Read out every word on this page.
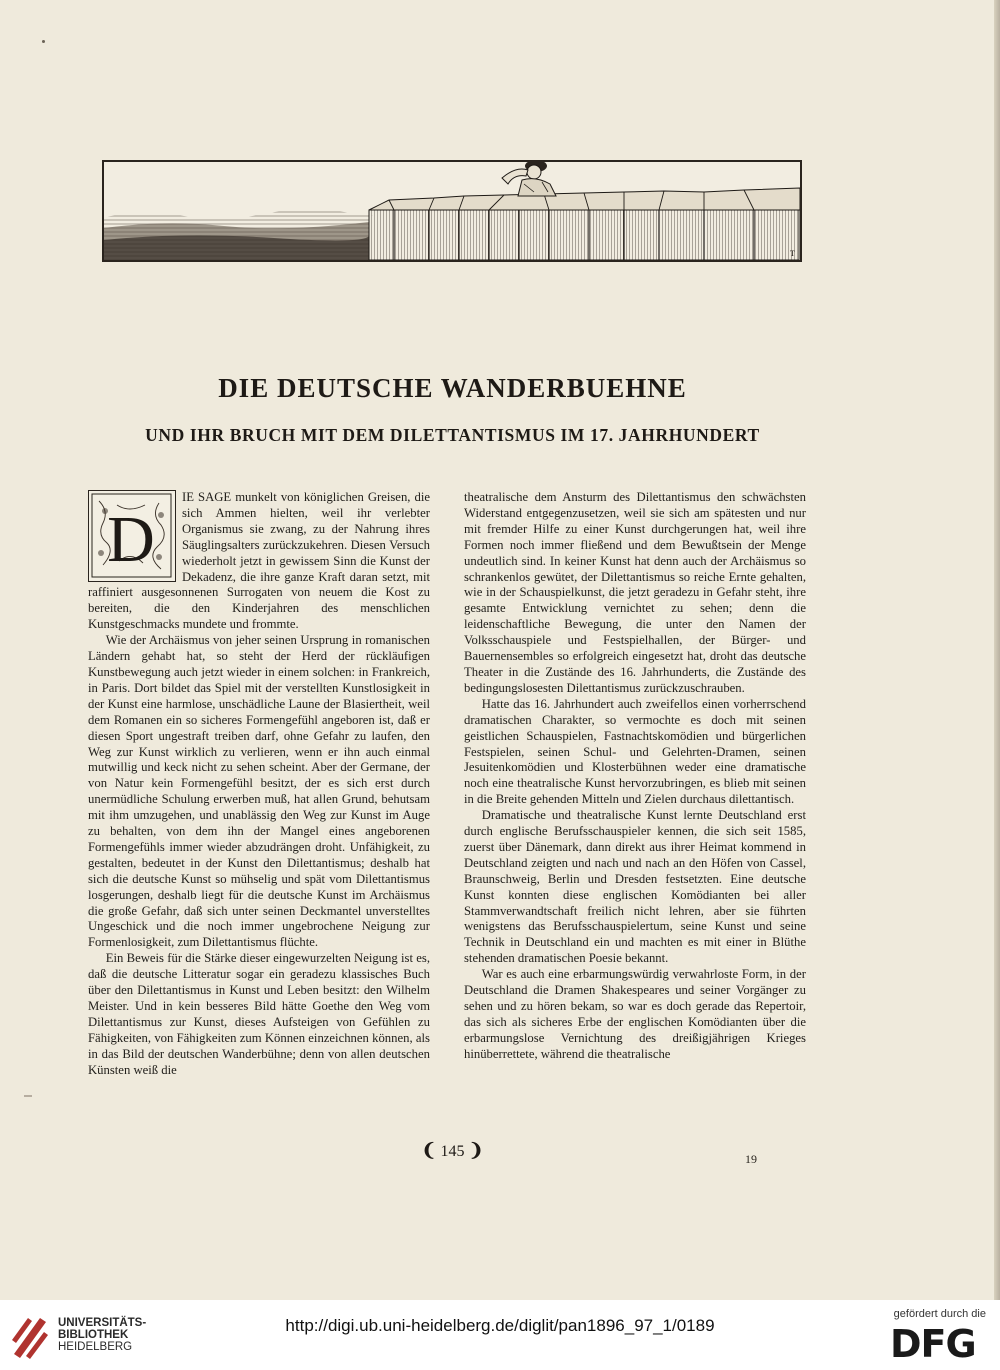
T
DIE DEUTSCHE WANDERBUEHNE
UND IHR BRUCH MIT DEM DILETTANTISMUS IM 17. JAHRHUNDERT
D

IE SAGE munkelt von königlichen Greisen, die sich Ammen hielten, weil ihr verlebter Organismus sie zwang, zu der Nahrung ihres Säuglingsalters zurückzukehren. Diesen Versuch wiederholt jetzt in gewissem Sinn die Kunst der Dekadenz, die ihre ganze Kraft daran setzt, mit raffiniert ausgesonnenen Surrogaten von neuem die Kost zu bereiten, die den Kinderjahren des menschlichen Kunstgeschmacks mundete und frommte.

Wie der Archäismus von jeher seinen Ursprung in romanischen Ländern gehabt hat, so steht der Herd der rückläufigen Kunstbewegung auch jetzt wieder in einem solchen: in Frankreich, in Paris. Dort bildet das Spiel mit der verstellten Kunstlosigkeit in der Kunst eine harmlose, unschädliche Laune der Blasiertheit, weil dem Romanen ein so sicheres Formengefühl angeboren ist, daß er diesen Sport ungestraft treiben darf, ohne Gefahr zu laufen, den Weg zur Kunst wirklich zu verlieren, wenn er ihn auch einmal mutwillig und keck nicht zu sehen scheint. Aber der Germane, der von Natur kein Formengefühl besitzt, der es sich erst durch unermüdliche Schulung erwerben muß, hat allen Grund, behutsam mit ihm umzugehen, und unablässig den Weg zur Kunst im Auge zu behalten, von dem ihn der Mangel eines angeborenen Formengefühls immer wieder abzudrängen droht. Unfähigkeit, zu gestalten, bedeutet in der Kunst den Dilettantismus; deshalb hat sich die deutsche Kunst so mühselig und spät vom Dilettantismus losgerungen, deshalb liegt für die deutsche Kunst im Archäismus die große Gefahr, daß sich unter seinen Deckmantel unverstelltes Ungeschick und die noch immer ungebrochene Neigung zur Formenlosigkeit, zum Dilettantismus flüchte.

Ein Beweis für die Stärke dieser eingewurzelten Neigung ist es, daß die deutsche Litteratur sogar ein geradezu klassisches Buch über den Dilettantismus in Kunst und Leben besitzt: den Wilhelm Meister. Und in kein besseres Bild hätte Goethe den Weg vom Dilettantismus zur Kunst, dieses Aufsteigen von Gefühlen zu Fähigkeiten, von Fähigkeiten zum Können einzeichnen können, als in das Bild der deutschen Wanderbühne; denn von allen deutschen Künsten weiß die

theatralische dem Ansturm des Dilettantismus den schwächsten Widerstand entgegenzusetzen, weil sie sich am spätesten und nur mit fremder Hilfe zu einer Kunst durchgerungen hat, weil ihre Formen noch immer fließend und dem Bewußtsein der Menge undeutlich sind. In keiner Kunst hat denn auch der Archäismus so schrankenlos gewütet, der Dilettantismus so reiche Ernte gehalten, wie in der Schauspielkunst, die jetzt geradezu in Gefahr steht, ihre gesamte Entwicklung vernichtet zu sehen; denn die leidenschaftliche Bewegung, die unter den Namen der Volksschauspiele und Festspielhallen, der Bürger- und Bauernensembles so erfolgreich eingesetzt hat, droht das deutsche Theater in die Zustände des 16. Jahrhunderts, die Zustände des bedingungslosesten Dilettantismus zurückzuschrauben.

Hatte das 16. Jahrhundert auch zweifellos einen vorherrschend dramatischen Charakter, so vermochte es doch mit seinen geistlichen Schauspielen, Fastnachtskomödien und bürgerlichen Festspielen, seinen Schul- und Gelehrten-Dramen, seinen Jesuitenkomödien und Klosterbühnen weder eine dramatische noch eine theatralische Kunst hervorzubringen, es blieb mit seinen in die Breite gehenden Mitteln und Zielen durchaus dilettantisch.

Dramatische und theatralische Kunst lernte Deutschland erst durch englische Berufsschauspieler kennen, die sich seit 1585, zuerst über Dänemark, dann direkt aus ihrer Heimat kommend in Deutschland zeigten und nach und nach an den Höfen von Cassel, Braunschweig, Berlin und Dresden festsetzten. Eine deutsche Kunst konnten diese englischen Komödianten bei aller Stammverwandtschaft freilich nicht lehren, aber sie führten wenigstens das Berufsschauspielertum, seine Kunst und seine Technik in Deutschland ein und machten es mit einer in Blüthe stehenden dramatischen Poesie bekannt.

War es auch eine erbarmungswürdig verwahrloste Form, in der Deutschland die Dramen Shakespeares und seiner Vorgänger zu sehen und zu hören bekam, so war es doch gerade das Repertoir, das sich als sicheres Erbe der englischen Komödianten über die erbarmungslose Vernichtung des dreißigjährigen Krieges hinüberrettete, während die theatralische

❨ 145 ❩	19
UNIVERSITÄTS-
BIBLIOTHEK
HEIDELBERG
http://digi.ub.uni-heidelberg.de/diglit/pan1896_97_1/0189
gefördert durch die
DFG
